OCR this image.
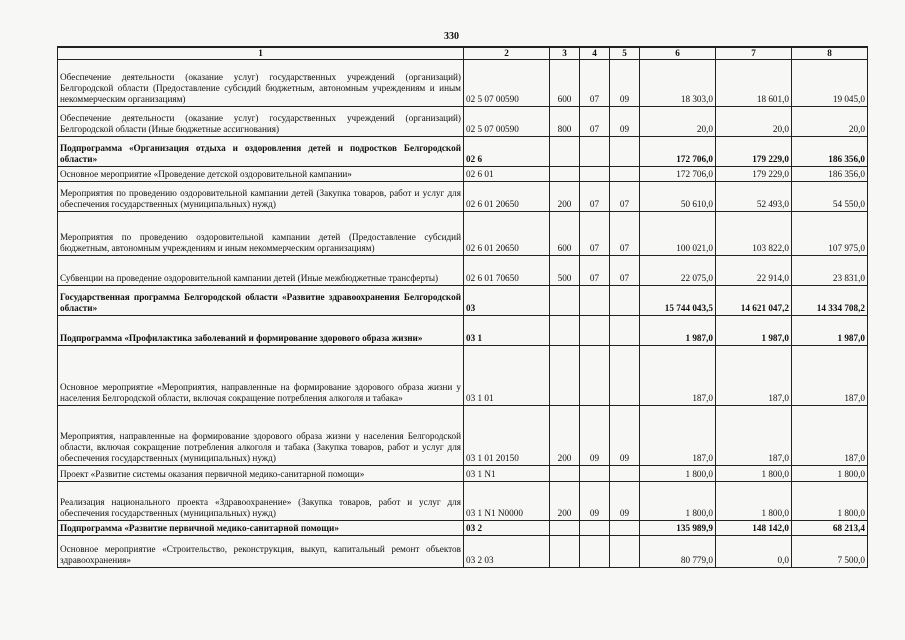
330
1	2	3	4	5	6	7	8
Обеспечение деятельности (оказание услуг) государственных учреждений (организаций) Белгородской области (Предоставление субсидий бюджетным, автономным учреждениям и иным некоммерческим организациям)	02 5 07 00590	600	07	09	18 303,0	18 601,0	19 045,0
Обеспечение деятельности (оказание услуг) государственных учреждений (организаций) Белгородской области (Иные бюджетные ассигнования)	02 5 07 00590	800	07	09	20,0	20,0	20,0
Подпрограмма «Организация отдыха и оздоровления детей и подростков Белгородской области»	02 6				172 706,0	179 229,0	186 356,0
Основное мероприятие «Проведение детской оздоровительной кампании»	02 6 01				172 706,0	179 229,0	186 356,0
Мероприятия по проведению оздоровительной кампании детей (Закупка товаров, работ и услуг для обеспечения государственных (муниципальных) нужд)	02 6 01 20650	200	07	07	50 610,0	52 493,0	54 550,0
Мероприятия по проведению оздоровительной кампании детей (Предоставление субсидий бюджетным, автономным учреждениям и иным некоммерческим организациям)	02 6 01 20650	600	07	07	100 021,0	103 822,0	107 975,0
Субвенции на проведение оздоровительной кампании детей (Иные межбюджетные трансферты)	02 6 01 70650	500	07	07	22 075,0	22 914,0	23 831,0
Государственная программа Белгородской области «Развитие здравоохранения Белгородской области»	03				15 744 043,5	14 621 047,2	14 334 708,2
Подпрограмма «Профилактика заболеваний и формирование здорового образа жизни»	03 1				1 987,0	1 987,0	1 987,0
Основное мероприятие «Мероприятия, направленные на формирование здорового образа жизни у населения Белгородской области, включая сокращение потребления алкоголя и табака»	03 1 01				187,0	187,0	187,0
Мероприятия, направленные на формирование здорового образа жизни у населения Белгородской области, включая сокращение потребления алкоголя и табака (Закупка товаров, работ и услуг для обеспечения государственных (муниципальных) нужд)	03 1 01 20150	200	09	09	187,0	187,0	187,0
Проект «Развитие системы оказания первичной медико-санитарной помощи»	03 1 N1				1 800,0	1 800,0	1 800,0
Реализация национального проекта «Здравоохранение» (Закупка товаров, работ и услуг для обеспечения государственных (муниципальных) нужд)	03 1 N1 N0000	200	09	09	1 800,0	1 800,0	1 800,0
Подпрограмма «Развитие первичной медико-санитарной помощи»	03 2				135 989,9	148 142,0	68 213,4
Основное мероприятие «Строительство, реконструкция, выкуп, капитальный ремонт объектов здравоохранения»	03 2 03				80 779,0	0,0	7 500,0
